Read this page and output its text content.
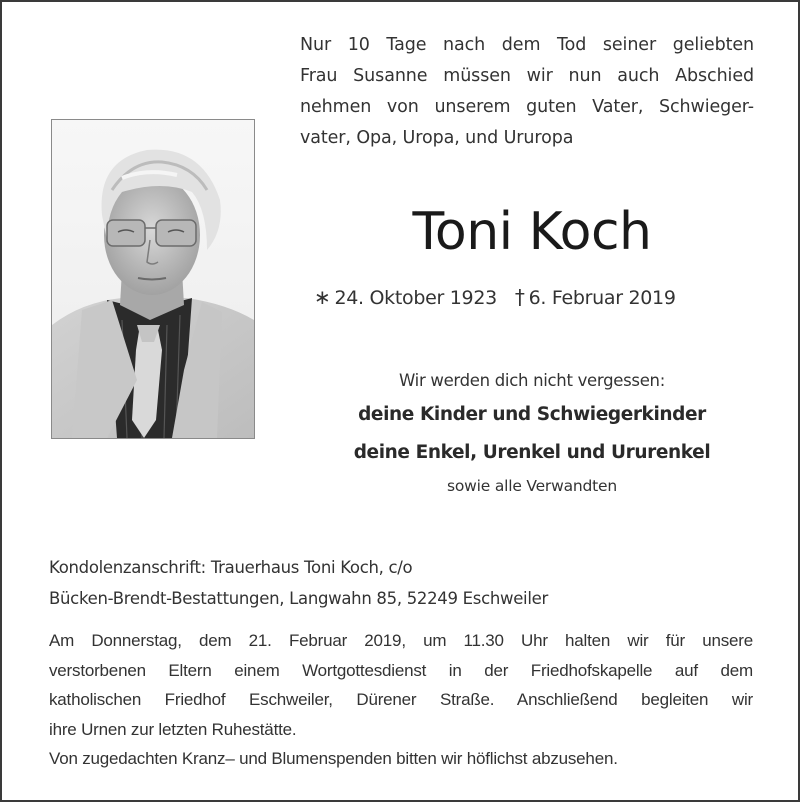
Nur 10 Tage nach dem Tod seiner geliebten
Frau Susanne müssen wir nun auch Abschied
nehmen von unserem guten Vater, Schwieger-
vater, Opa, Uropa, und Ururopa
Toni Koch
∗ 24. Oktober 1923 † 6. Februar 2019
Wir werden dich nicht vergessen:
deine Kinder und Schwiegerkinder
deine Enkel, Urenkel und Ururenkel
sowie alle Verwandten
Kondolenzanschrift: Trauerhaus Toni Koch, c/o
Bücken-Brendt-Bestattungen, Langwahn 85, 52249 Eschweiler
Am Donnerstag, dem 21. Februar 2019, um 11.30 Uhr halten wir für unsere
verstorbenen Eltern einem Wortgottesdienst in der Friedhofskapelle auf dem
katholischen Friedhof Eschweiler, Dürener Straße. Anschließend begleiten wir
ihre Urnen zur letzten Ruhestätte.
Von zugedachten Kranz– und Blumenspenden bitten wir höflichst abzusehen.
